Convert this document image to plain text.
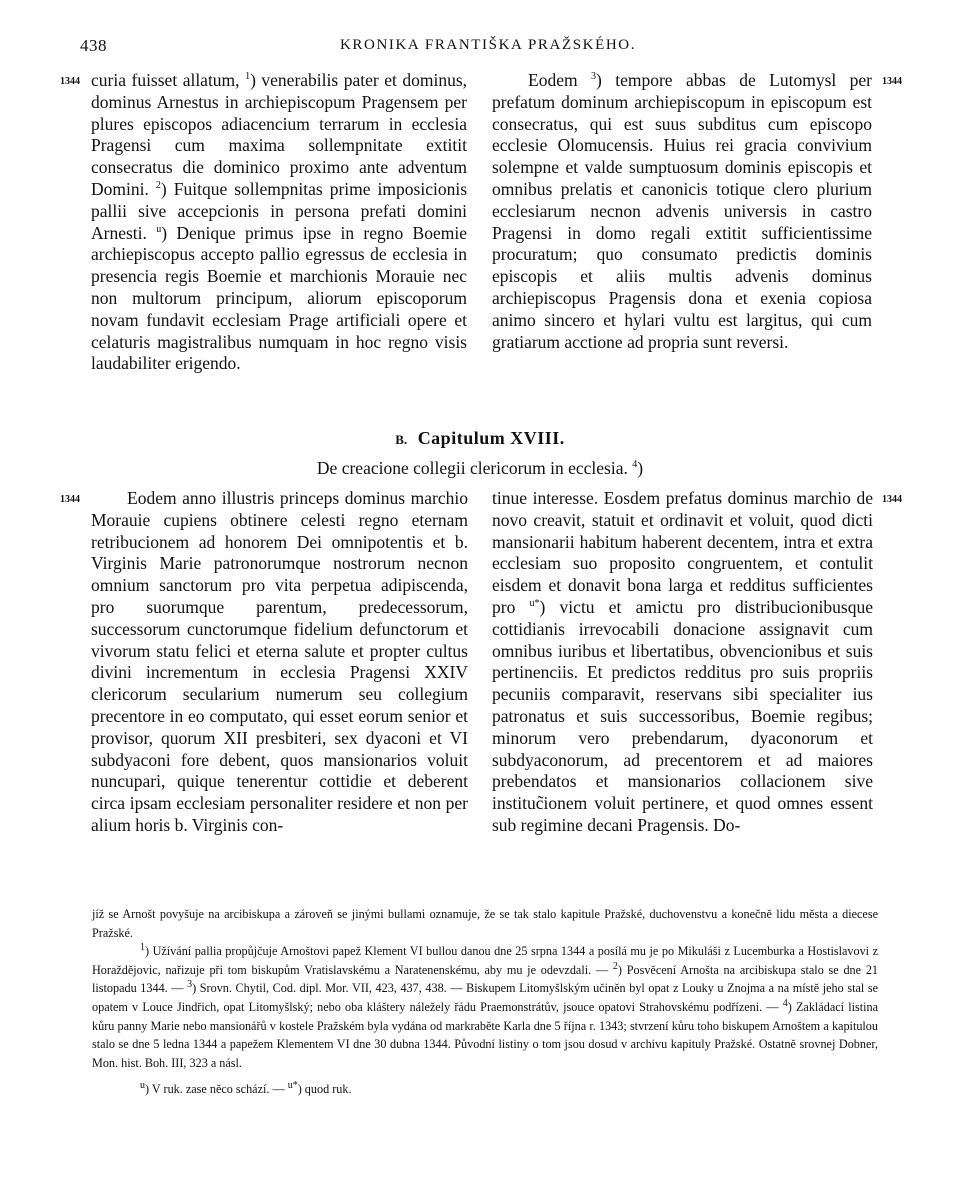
438	KRONIKA FRANTIŠKA PRAŽSKÉHO.
1344	1344
1344	1344

curia fuisset allatum, $^1$) venerabilis pater et dominus, dominus Arnestus in archiepiscopum Pragensem per plures episcopos adiacencium terrarum in ecclesia Pragensi cum maxima sollempnitate extitit consecratus die dominico proximo ante adventum Domini. $^2$) Fuitque sollempnitas prime imposicionis pallii sive accepcionis in persona prefati domini Arnesti. $^u$) Denique primus ipse in regno Boemie archiepiscopus accepto pallio egressus de ecclesia in presencia regis Boemie et marchionis Morauie nec non multorum principum, aliorum episcoporum novam fundavit ecclesiam Prage artificiali opere et celaturis magistralibus numquam in hoc regno visis laudabiliter erigendo.

Eodem $^3$) tempore abbas de Lutomysl per prefatum dominum archiepiscopum in episcopum est consecratus, qui est suus subditus cum episcopo ecclesie Olomucensis. Huius rei gracia convivium solempne et valde sumptuosum dominis episcopis et omnibus prelatis et canonicis totique clero plurium ecclesiarum necnon advenis universis in castro Pragensi in domo regali extitit sufficientissime procuratum; quo consumato predictis dominis episcopis et aliis multis advenis dominus archiepiscopus Pragensis dona et exenia copiosa animo sincero et hylari vultu est largitus, qui cum gratiarum acctione ad propria sunt reversi.

B. Capitulum XVIII.
De creacione collegii clericorum in ecclesia. $^4$)

Eodem anno illustris princeps dominus marchio Morauie cupiens obtinere celesti regno eternam retribucionem ad honorem Dei omnipotentis et b. Virginis Marie patronorumque nostrorum necnon omnium sanctorum pro vita perpetua adipiscenda, pro suorumque parentum, predecessorum, successorum cunctorumque fidelium defunctorum et vivorum statu felici et eterna salute et propter cultus divini incrementum in ecclesia Pragensi XXIV clericorum secularium numerum seu collegium precentore in eo computato, qui esset eorum senior et provisor, quorum XII presbiteri, sex dyaconi et VI subdyaconi fore debent, quos mansionarios voluit nuncupari, quique tenerentur cottidie et deberent circa ipsam ecclesiam personaliter residere et non per alium horis b. Virginis con-

tinue interesse. Eosdem prefatus dominus marchio de novo creavit, statuit et ordinavit et voluit, quod dicti mansionarii habitum haberent decentem, intra et extra ecclesiam suo proposito congruentem, et contulit eisdem et donavit bona larga et redditus sufficientes pro $^{u*}$) victu et amictu pro distribucionibusque cottidianis irrevocabili donacione assignavit cum omnibus iuribus et libertatibus, obvencionibus et suis pertinenciis. Et predictos redditus pro suis propriis pecuniis comparavit, reservans sibi specialiter ius patronatus et suis successoribus, Boemie regibus; minorum vero prebendarum, dyaconorum et subdyaconorum, ad precentorem et ad maiores prebendatos et mansionarios collacionem sive instituc̃ionem voluit pertinere, et quod omnes essent sub regimine decani Pragensis. Do-

jíž se Arnošt povyšuje na arcibiskupa a zároveň se jinými bullami oznamuje, že se tak stalo kapitule Pražské, duchovenstvu a konečně lidu města a diecese Pražské.

$^1$) Užívání pallia propůjčuje Arnoštovi papež Klement VI bullou danou dne 25 srpna 1344 a posílá mu je po Mikuláši z Lucemburka a Hostislavovi z Horaždějovic, nařizuje při tom biskupům Vratislavskému a Naratenenskému, aby mu je odevzdali. — $^2$) Posvěcení Arnošta na arcibiskupa stalo se dne 21 listopadu 1344. — $^3$) Srovn. Chytil, Cod. dipl. Mor. VII, 423, 437, 438. — Biskupem Litomyšlským učiněn byl opat z Louky u Znojma a na místě jeho stal se opatem v Louce Jindřich, opat Litomyšlský; nebo oba kláštery náležely řádu Praemonstrátův, jsouce opatovi Strahovskému podřízeni. — $^4$) Zakládací listina kůru panny Marie nebo mansionářů v kostele Pražském byla vydána od markraběte Karla dne 5 října r. 1343; stvrzení kůru toho biskupem Arnoštem a kapitulou stalo se dne 5 ledna 1344 a papežem Klementem VI dne 30 dubna 1344. Původní listiny o tom jsou dosud v archivu kapituly Pražské. Ostatně srovnej Dobner, Mon. hist. Boh. III, 323 a násl.

$^u$) V ruk. zase něco schází. — $^{u*}$) quod ruk.
